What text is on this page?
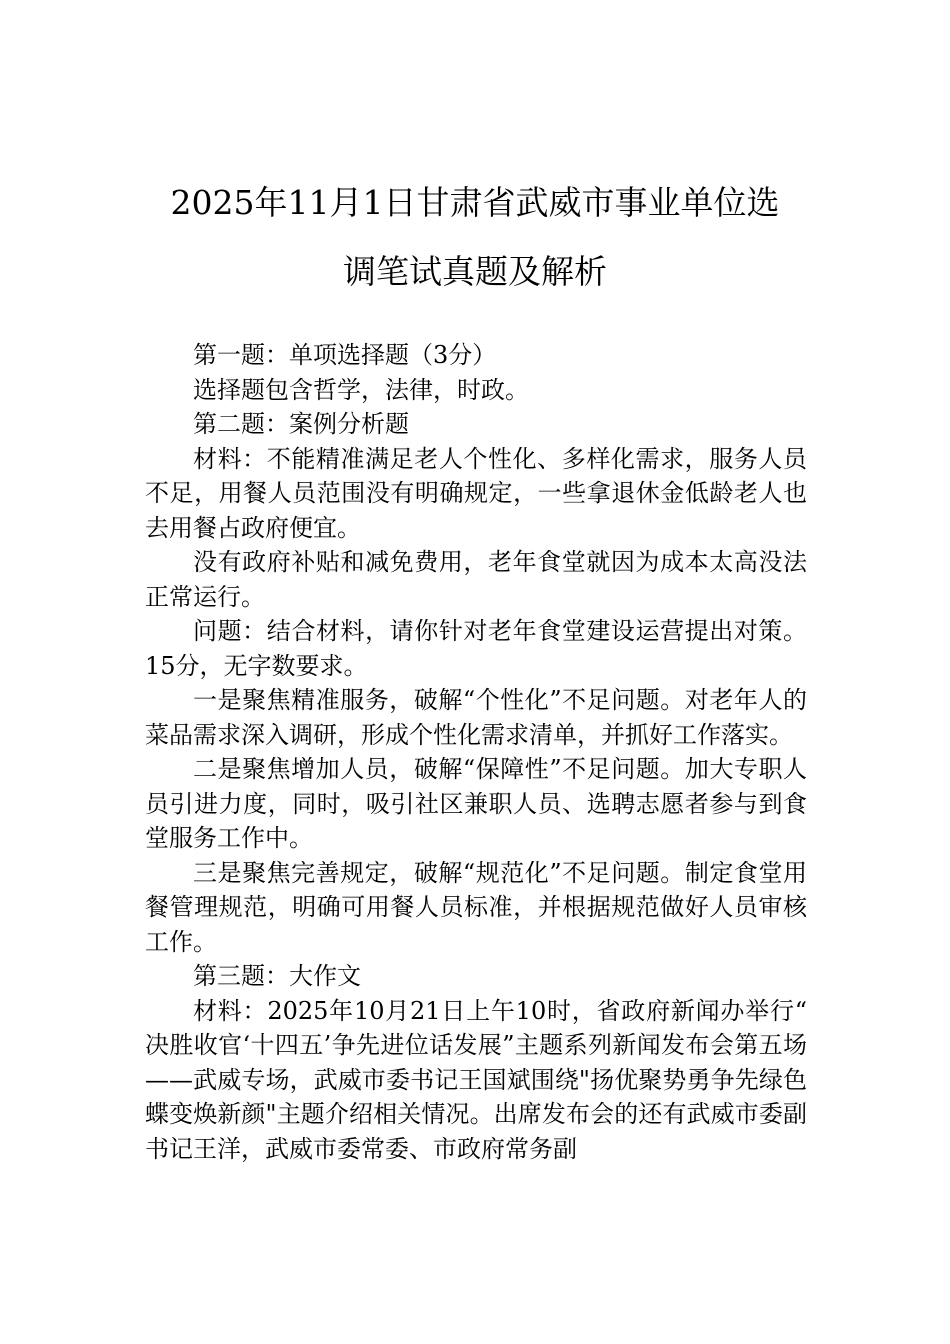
2025年11月1日甘肃省武威市事业单位选
调笔试真题及解析

第一题：单项选择题（3分）

选择题包含哲学，法律，时政。

第二题：案例分析题

材料：不能精准满足老人个性化、多样化需求，服务人员不足，用餐人员范围没有明确规定，一些拿退休金低龄老人也去用餐占政府便宜。

没有政府补贴和减免费用，老年食堂就因为成本太高没法正常运行。

问题：结合材料，请你针对老年食堂建设运营提出对策。15分，无字数要求。

一是聚焦精准服务，破解“个性化”不足问题。对老年人的菜品需求深入调研，形成个性化需求清单，并抓好工作落实。

二是聚焦增加人员，破解“保障性”不足问题。加大专职人员引进力度，同时，吸引社区兼职人员、选聘志愿者参与到食堂服务工作中。

三是聚焦完善规定，破解“规范化”不足问题。制定食堂用餐管理规范，明确可用餐人员标准，并根据规范做好人员审核工作。

第三题：大作文

材料：2025年10月21日上午10时，省政府新闻办举行“决胜收官‘十四五’争先进位话发展”主题系列新闻发布会第五场——武威专场，武威市委书记王国斌围绕"扬优聚势勇争先绿色蝶变焕新颜"主题介绍相关情况。出席发布会的还有武威市委副书记王洋，武威市委常委、市政府常务副
